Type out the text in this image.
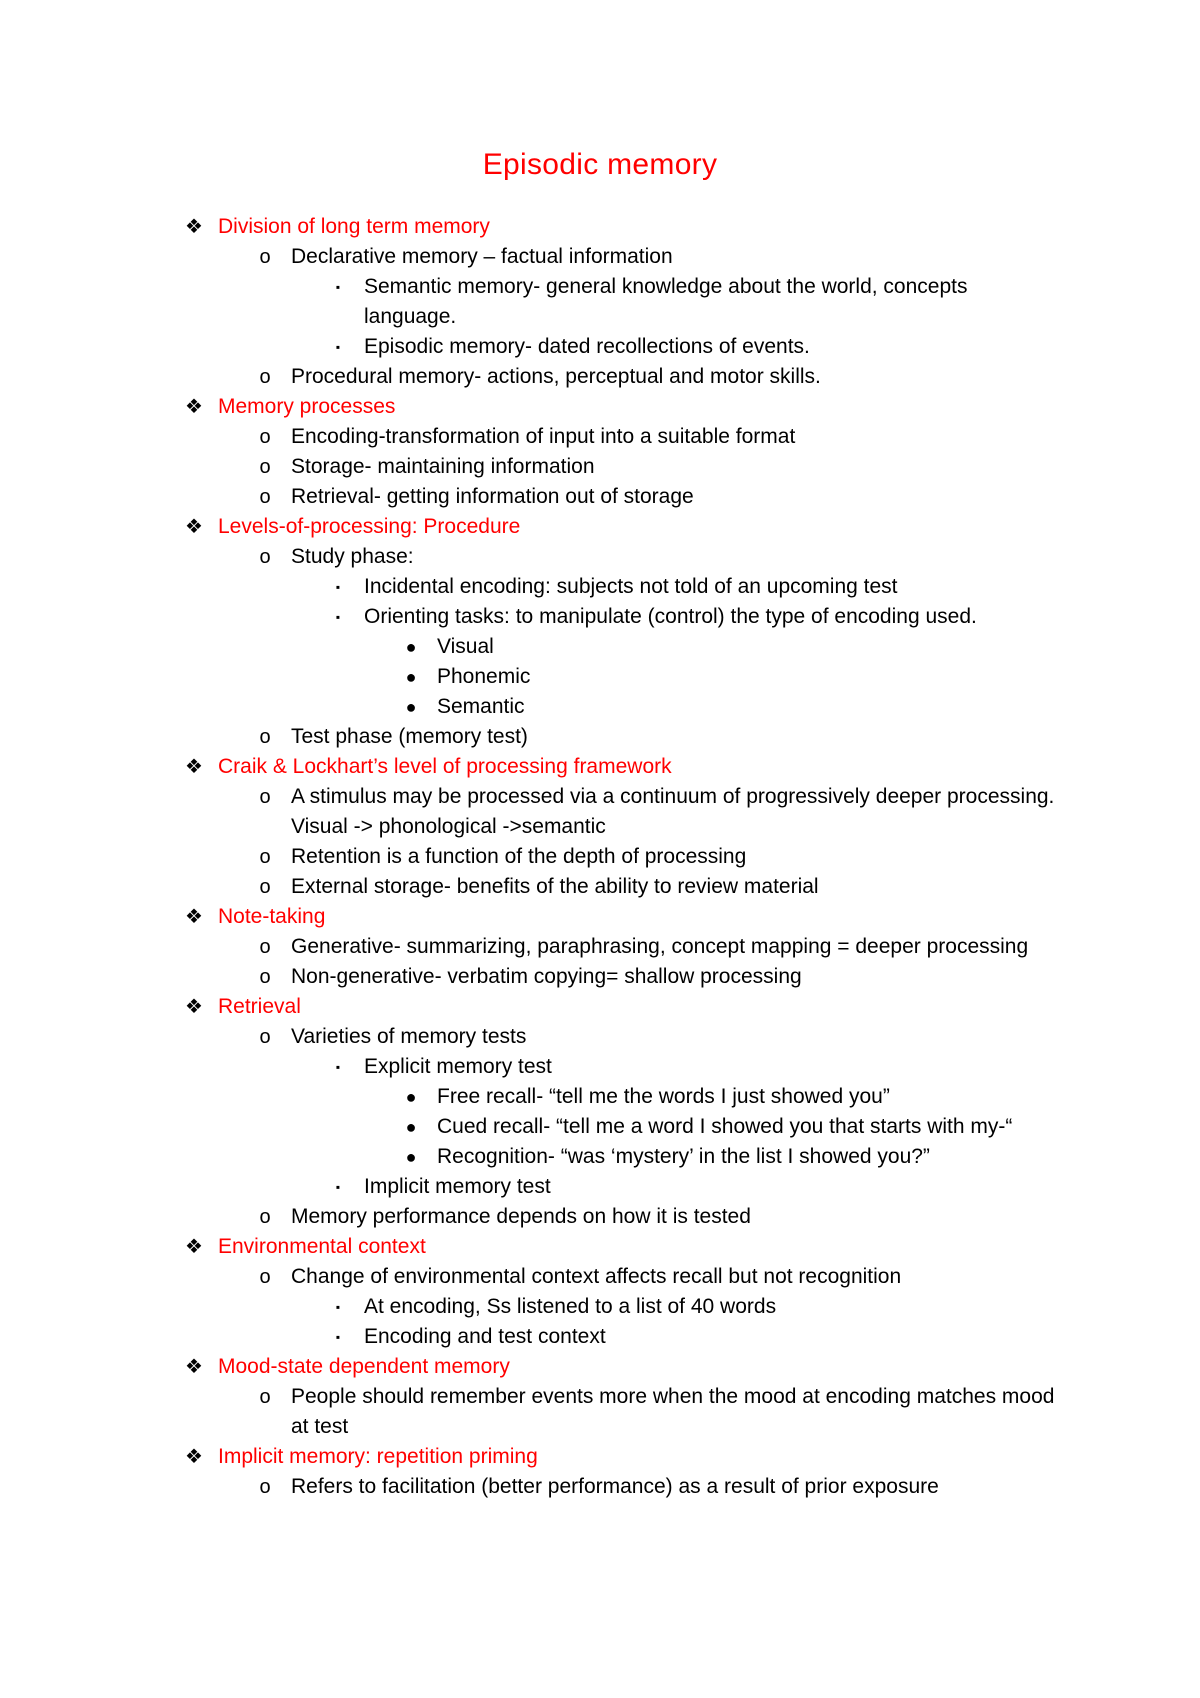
Episodic memory
❖ Division of long term memory
o Declarative memory – factual information
▪	Semantic memory- general knowledge about the world, concepts language.
▪	Episodic memory- dated recollections of events.
o Procedural memory- actions, perceptual and motor skills.
❖ Memory processes
o Encoding-transformation of input into a suitable format
o Storage- maintaining information
o Retrieval- getting information out of storage
❖ Levels-of-processing: Procedure
o Study phase:
▪	Incidental encoding: subjects not told of an upcoming test
▪	Orienting tasks: to manipulate (control) the type of encoding used.
● Visual
● Phonemic
● Semantic
o Test phase (memory test)
❖ Craik & Lockhart’s level of processing framework
o A stimulus may be processed via a continuum of progressively deeper processing. Visual -> phonological ->semantic
o Retention is a function of the depth of processing
o External storage- benefits of the ability to review material
❖ Note-taking
o Generative- summarizing, paraphrasing, concept mapping = deeper processing
o Non-generative- verbatim copying= shallow processing
❖ Retrieval
o Varieties of memory tests
▪	Explicit memory test
● Free recall- “tell me the words I just showed you”
● Cued recall- “tell me a word I showed you that starts with my-“
● Recognition- “was ‘mystery’ in the list I showed you?”
▪	Implicit memory test
o Memory performance depends on how it is tested
❖ Environmental context
o Change of environmental context affects recall but not recognition
▪	At encoding, Ss listened to a list of 40 words
▪	Encoding and test context
❖ Mood-state dependent memory
o People should remember events more when the mood at encoding matches mood at test
❖ Implicit memory: repetition priming
o Refers to facilitation (better performance) as a result of prior exposure
